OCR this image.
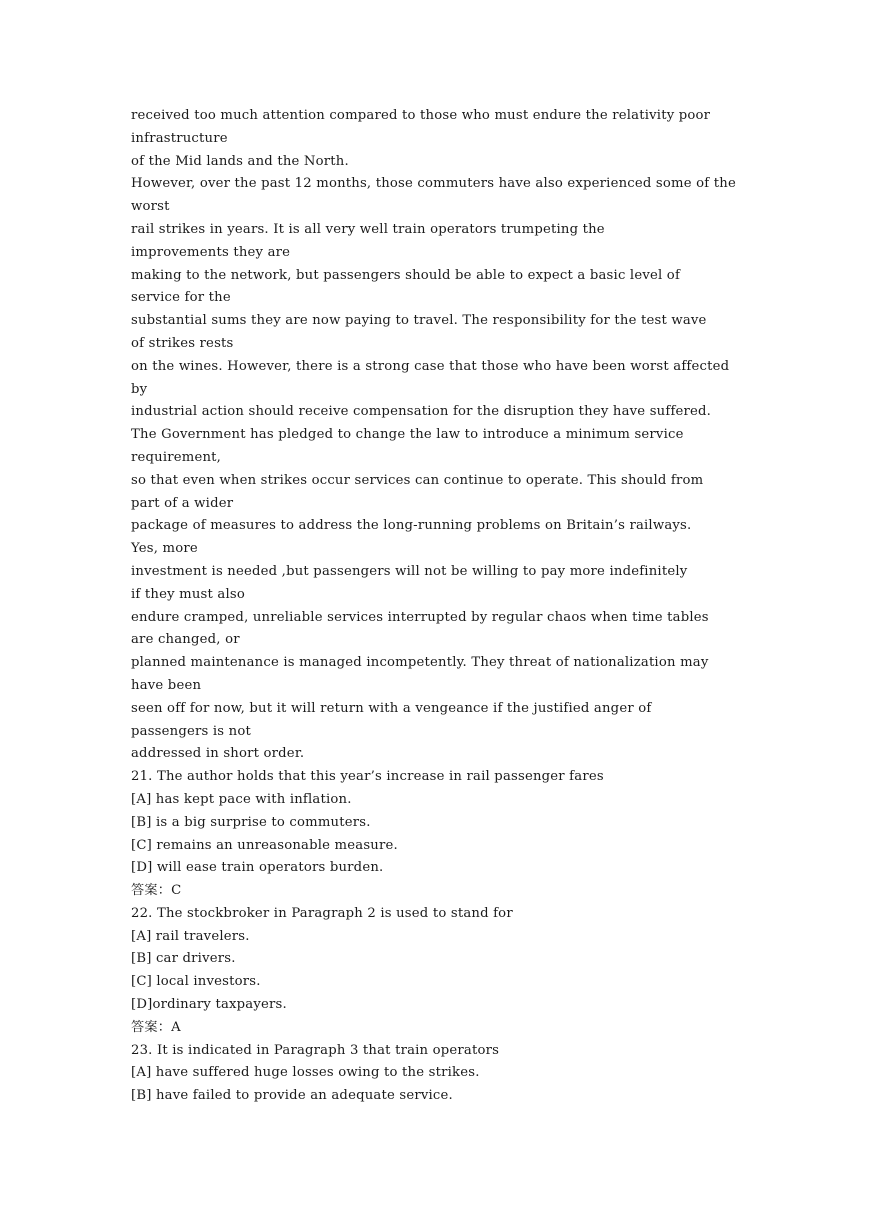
received too much attention compared to those who must endure the relativity poor
infrastructure
of the Mid lands and the North.
However, over the past 12 months, those commuters have also experienced some of the
worst
rail strikes in years. It is all very well train operators trumpeting the
improvements they are
making to the network, but passengers should be able to expect a basic level of
service for the
substantial sums they are now paying to travel. The responsibility for the test wave
of strikes rests
on the wines. However, there is a strong case that those who have been worst affected
by
industrial action should receive compensation for the disruption they have suffered.
The Government has pledged to change the law to introduce a minimum service
requirement,
so that even when strikes occur services can continue to operate. This should from
part of a wider
package of measures to address the long-running problems on Britain’s railways.
Yes, more
investment is needed ,but passengers will not be willing to pay more indefinitely
if they must also
endure cramped, unreliable services interrupted by regular chaos when time tables
are changed, or
planned maintenance is managed incompetently. They threat of nationalization may
have been
seen off for now, but it will return with a vengeance if the justified anger of
passengers is not
addressed in short order.
21. The author holds that this year’s increase in rail passenger fares
[A] has kept pace with inflation.
[B] is a big surprise to commuters.
[C] remains an unreasonable measure.
[D] will ease train operators burden.
答案：C
22. The stockbroker in Paragraph 2 is used to stand for
[A] rail travelers.
[B] car drivers.
[C] local investors.
[D]ordinary taxpayers.
答案：A
23. It is indicated in Paragraph 3 that train operators
[A] have suffered huge losses owing to the strikes.
[B] have failed to provide an adequate service.
